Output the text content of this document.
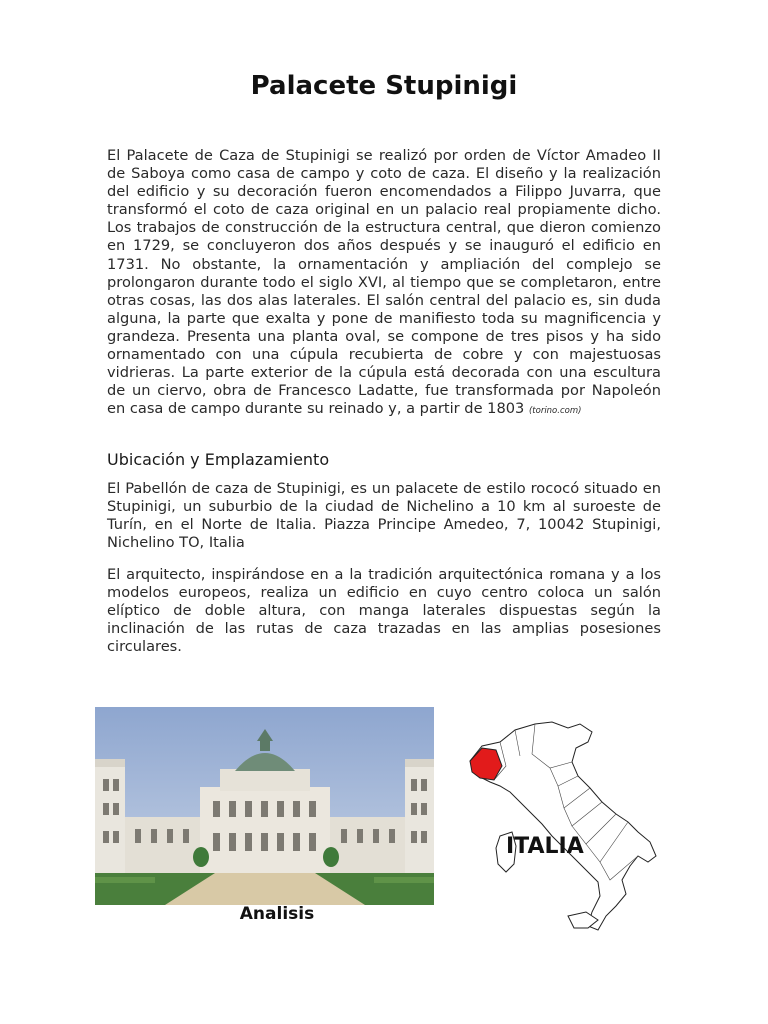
Palacete Stupinigi

El Palacete de Caza de Stupinigi se realizó por orden de Víctor Amadeo II de Saboya como casa de campo y coto de caza. El diseño y la realización del edificio y su decoración fueron encomendados a Filippo Juvarra, que transformó el coto de caza original en un palacio real propiamente dicho. Los trabajos de construcción de la estructura central, que dieron comienzo en 1729, se concluyeron dos años después y se inauguró el edificio en 1731. No obstante, la ornamentación y ampliación del complejo se prolongaron durante todo el siglo XVI, al tiempo que se completaron, entre otras cosas, las dos alas laterales. El salón central del palacio es, sin duda alguna, la parte que exalta y pone de manifiesto toda su magnificencia y grandeza. Presenta una planta oval, se compone de tres pisos y ha sido ornamentado con una cúpula recubierta de cobre y con majestuosas vidrieras. La parte exterior de la cúpula está decorada con una escultura de un ciervo, obra de Francesco Ladatte, fue transformada por Napoleón en casa de campo durante su reinado y, a partir de 1803 (torino.com)

Ubicación y Emplazamiento

El Pabellón de caza de Stupinigi, es un palacete de estilo rococó situado en Stupinigi, un suburbio de la ciudad de Nichelino a 10 km al suroeste de Turín, en el Norte de Italia. Piazza Principe Amedeo, 7, 10042 Stupinigi, Nichelino TO, Italia

El arquitecto, inspirándose en a la tradición arquitectónica romana y a los modelos europeos, realiza un edificio en cuyo centro coloca un salón elíptico de doble altura, con manga laterales dispuestas según la inclinación de las rutas de caza trazadas en las amplias posesiones circulares.

Analisis
ITALIA
